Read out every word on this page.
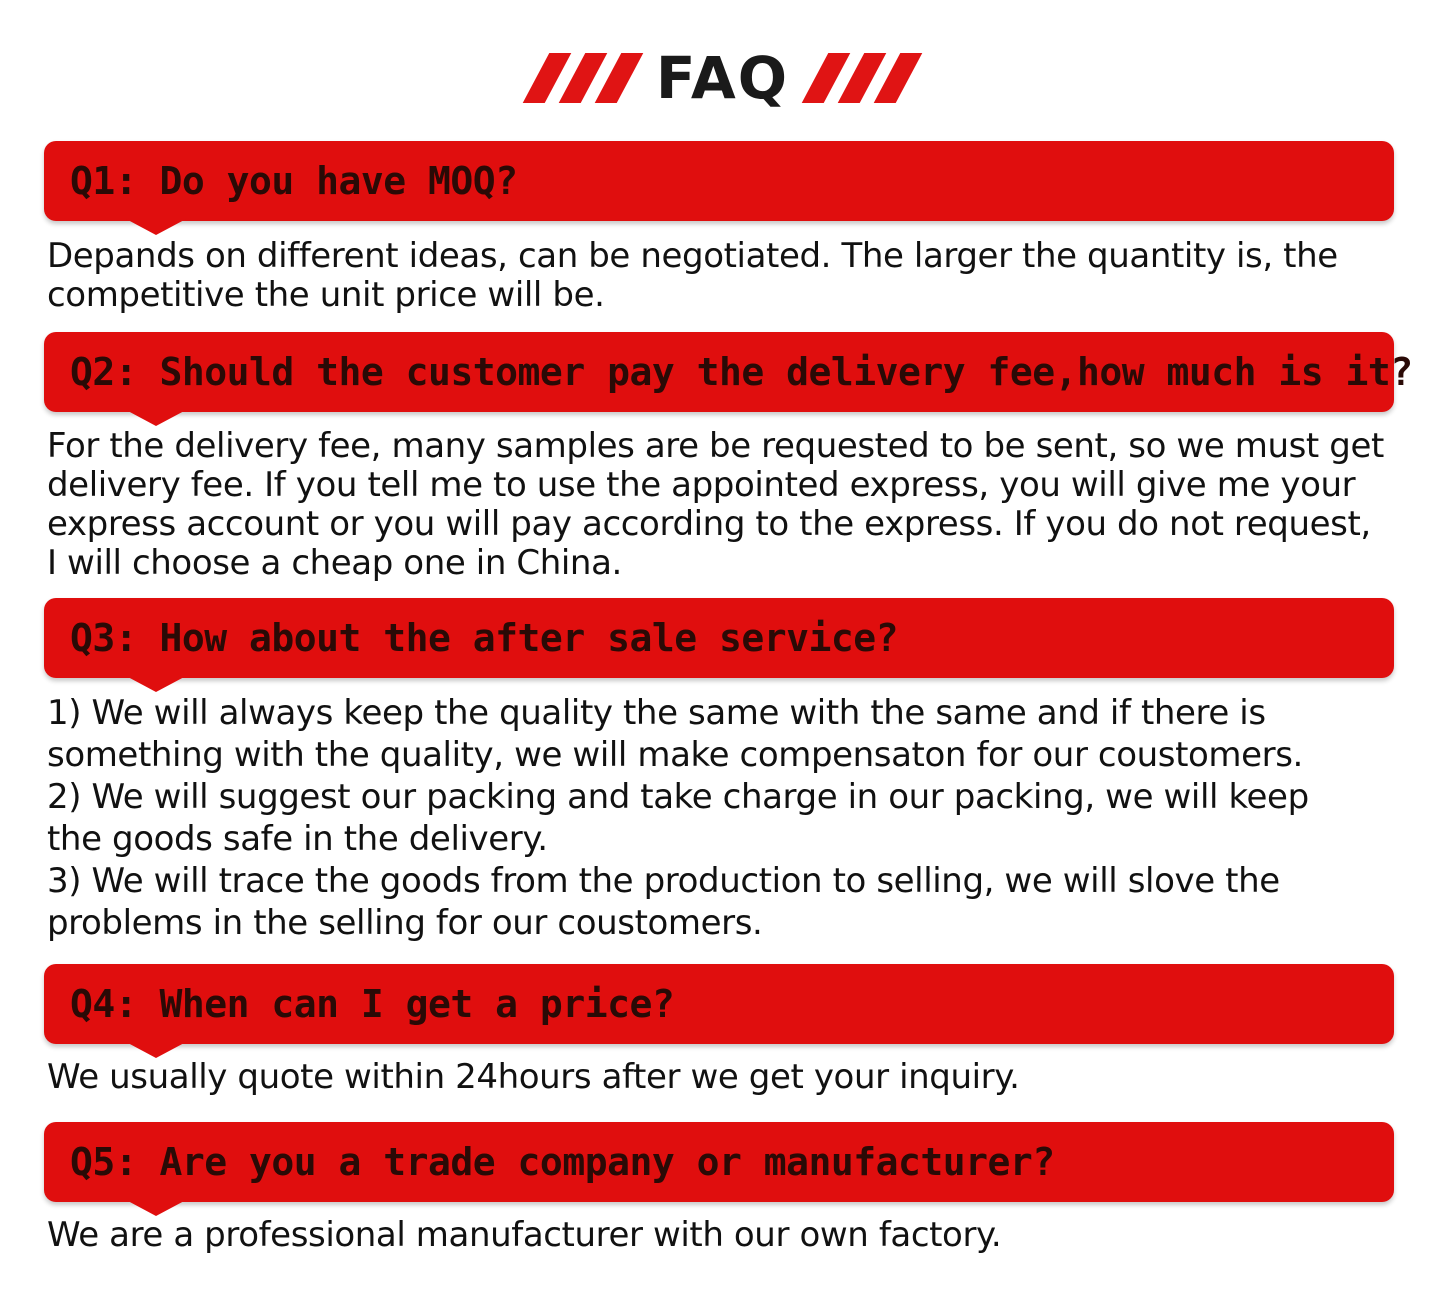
FAQ
Q1: Do you have MOQ?
Depands on different ideas, can be negotiated. The larger the quantity is, the
competitive the unit price will be.
Q2: Should the customer pay the delivery fee,how much is it?
For the delivery fee, many samples are be requested to be sent, so we must get
delivery fee. If you tell me to use the appointed express, you will give me your
express account or you will pay according to the express. If you do not request,
I will choose a cheap one in China.
Q3: How about the after sale service?
1) We will always keep the quality the same with the same and if there is
something with the quality, we will make compensaton for our coustomers.
2) We will suggest our packing and take charge in our packing, we will keep
the goods safe in the delivery.
3) We will trace the goods from the production to selling, we will slove the
problems in the selling for our coustomers.
Q4: When can I get a price?
We usually quote within 24hours after we get your inquiry.
Q5: Are you a trade company or manufacturer?
We are a professional manufacturer with our own factory.
